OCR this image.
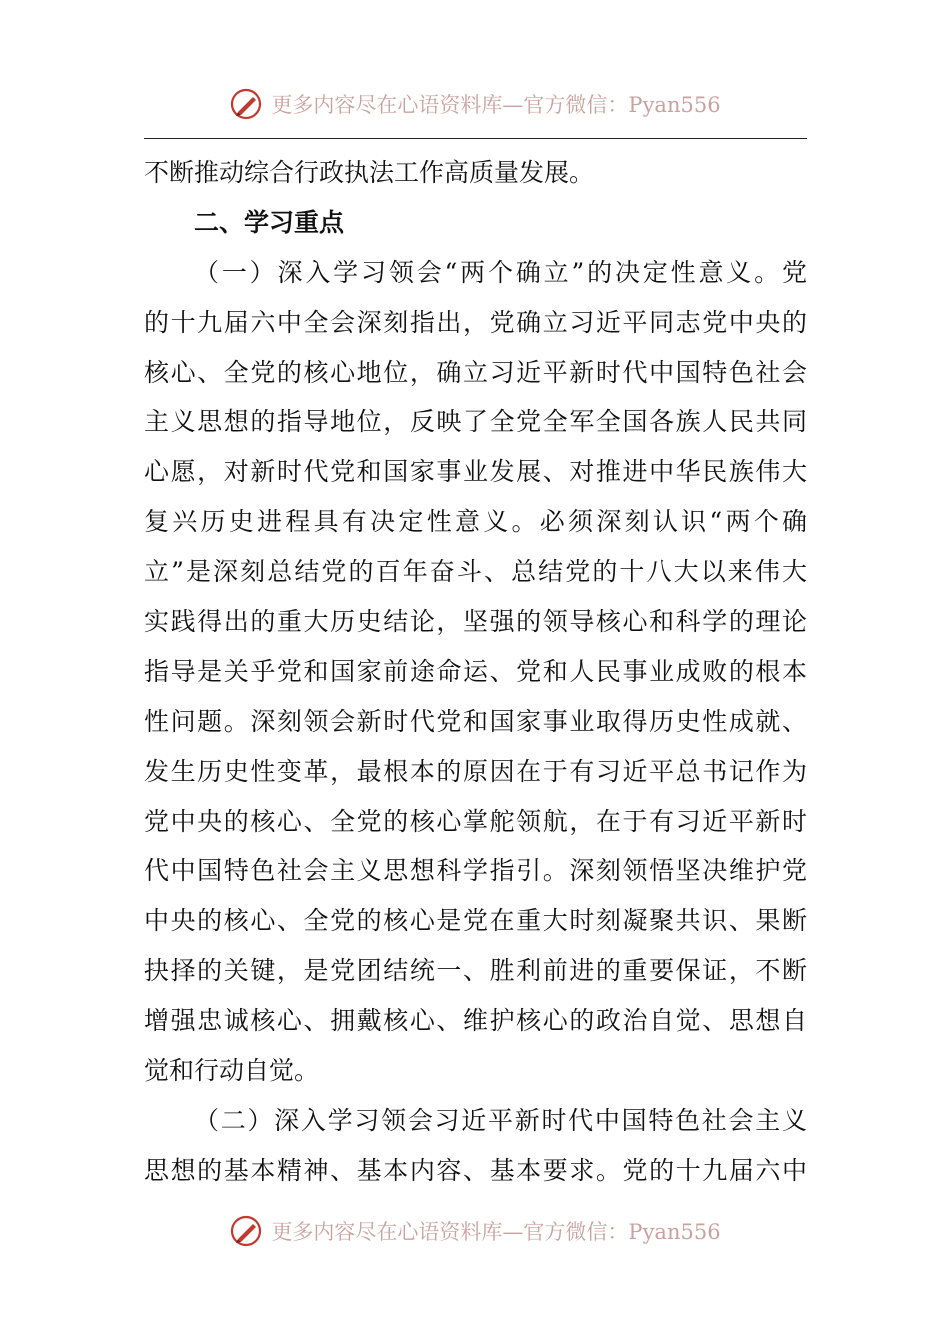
更多内容尽在心语资料库—官方微信：Pyan556
不断推动综合行政执法工作高质量发展。
二、学习重点
（一）深入学习领会“两个确立”的决定性意义。党
的十九届六中全会深刻指出，党确立习近平同志党中央的
核心、全党的核心地位，确立习近平新时代中国特色社会
主义思想的指导地位，反映了全党全军全国各族人民共同
心愿，对新时代党和国家事业发展、对推进中华民族伟大
复兴历史进程具有决定性意义。必须深刻认识“两个确
立”是深刻总结党的百年奋斗、总结党的十八大以来伟大
实践得出的重大历史结论，坚强的领导核心和科学的理论
指导是关乎党和国家前途命运、党和人民事业成败的根本
性问题。深刻领会新时代党和国家事业取得历史性成就、
发生历史性变革，最根本的原因在于有习近平总书记作为
党中央的核心、全党的核心掌舵领航，在于有习近平新时
代中国特色社会主义思想科学指引。深刻领悟坚决维护党
中央的核心、全党的核心是党在重大时刻凝聚共识、果断
抉择的关键，是党团结统一、胜利前进的重要保证，不断
增强忠诚核心、拥戴核心、维护核心的政治自觉、思想自
觉和行动自觉。
（二）深入学习领会习近平新时代中国特色社会主义
思想的基本精神、基本内容、基本要求。党的十九届六中
更多内容尽在心语资料库—官方微信：Pyan556
